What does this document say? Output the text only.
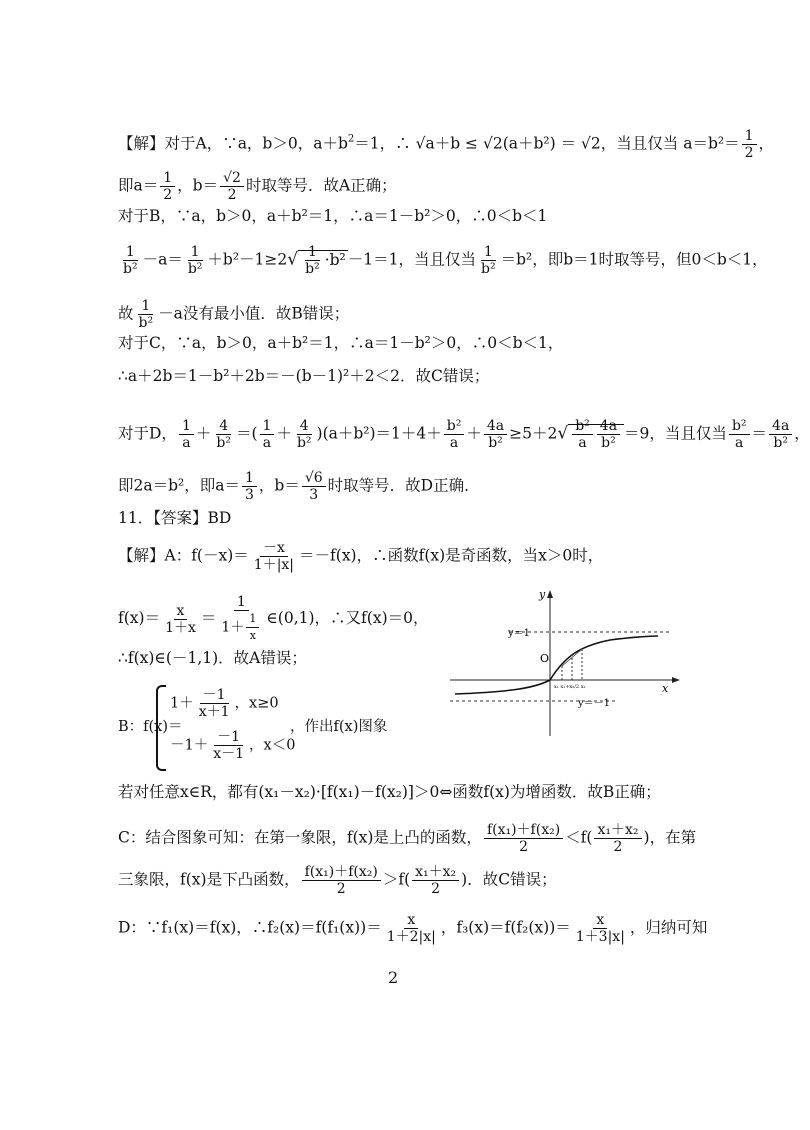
【解】对于A，∵a，b＞0，$a+b^2=1$，∴ √a＋b ≤ √2(a＋b²) ＝ √2，当且仅当 $a=b^2= \frac{1}{2}$ ，
即$a= \frac{1}{2}$ ，$b= \frac{√2}{2}$ 时取等号．故A正确；
对于B，∵a，b＞0，a＋b²＝1，∴a＝1－b²＞0，∴0＜b＜1
$\frac{1}{\text{b²}} -a= \frac{1}{\text{b²}} +b^2-1\ge 2√ \frac{1}{\text{b²}} \cdot b^2 -1=1$，当且仅当 $\frac{1}{\text{b²}} =b^2$，即b＝1时取等号，但0＜b＜1，
故 $\frac{1}{\text{b²}} -a$没有最小值．故B错误；
对于C，∵a，b＞0，a＋b²＝1，∴a＝1－b²＞0，∴0＜b＜1，
∴a＋2b＝1－b²＋2b＝－(b－1)²＋2＜2．故C错误；
对于D， $\frac{1}{a} + \frac{4}{\text{b²}}$ ＝( $\frac{1}{a} + \frac{4}{\text{b²}} )(a+b^2)=1+4+ \frac{\text{b²}}{a} + \frac{4a}{\text{b²}} \ge 5+2√ \frac{\text{b²}}{a} \frac{4a}{\text{b²}} =9$，当且仅当 $\frac{\text{b²}}{a} = \frac{4a}{\text{b²}}$ ，
即2a＝b²，即$a= \frac{1}{3}$ ，$b= \frac{√6}{3}$ 时取等号．故D正确．
11．【答案】BD
【解】A：$f(-x)= \frac{-x}{1+|x|} =-f(x)$，∴函数f(x)是奇函数，当x＞0时，
$f(x)= \frac{x}{1+x} = \frac{1}{1+ \frac{1}{x}}$ ∈(0,1)，∴又f(x)＝0，
∴f(x)∈(－1,1)．故A错误；
B：f(x)＝
$1+ \frac{-1}{x+1}$ ，x≥0
$-1+ \frac{-1}{x-1}$ ，x＜0
，作出f(x)图象
y
x
O
y＝1
y＝－1
x₁ x₁+x₂/2 x₂
若对任意x∈R，都有(x₁－x₂)·[f(x₁)－f(x₂)]＞0⇔函数f(x)为增函数．故B正确；
C：结合图象可知：在第一象限，f(x)是上凸的函数， $\frac{\text{f(x₁)＋f(x₂)}}{2} <f( \frac{\text{x₁＋x₂}}{2}$ )，在第
三象限，f(x)是下凸函数， $\frac{\text{f(x₁)＋f(x₂)}}{2} >f( \frac{\text{x₁＋x₂}}{2}$ )．故C错误；
D：∵f₁(x)＝f(x)，∴f₂(x)＝f(f₁(x))＝ $\frac{x}{1+2|x|}$ ，$f_3(x)=f(f_2(x))= \frac{x}{1+3|x|}$ ，归纳可知
2
